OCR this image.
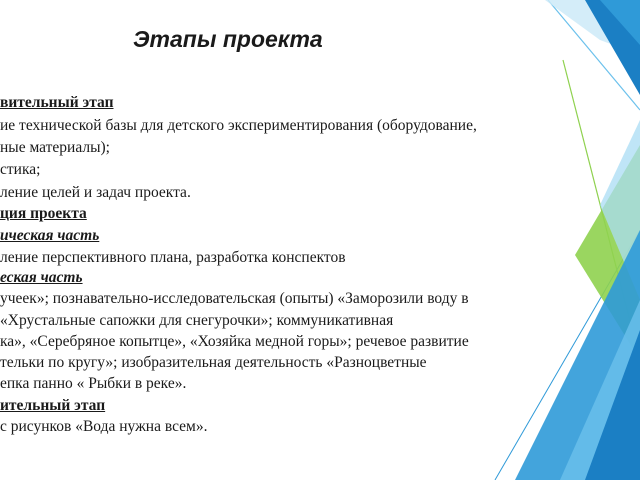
Этапы проекта

вительный этап

ие технической базы для детского экспериментирования (оборудование,

ные материалы);

стика;

ление целей и задач проекта.

ция проекта

ическая часть

ление перспективного плана, разработка конспектов

еская часть

учеек»; познавательно-исследовательская (опыты) «Заморозили воду в

«Хрустальные сапожки для снегурочки»; коммуникативная

ка», «Серебряное копытце», «Хозяйка медной горы»; речевое развитие

тельки по кругу»; изобразительная деятельность «Разноцветные

епка панно « Рыбки в реке».

ительный этап

с рисунков «Вода нужна всем».
